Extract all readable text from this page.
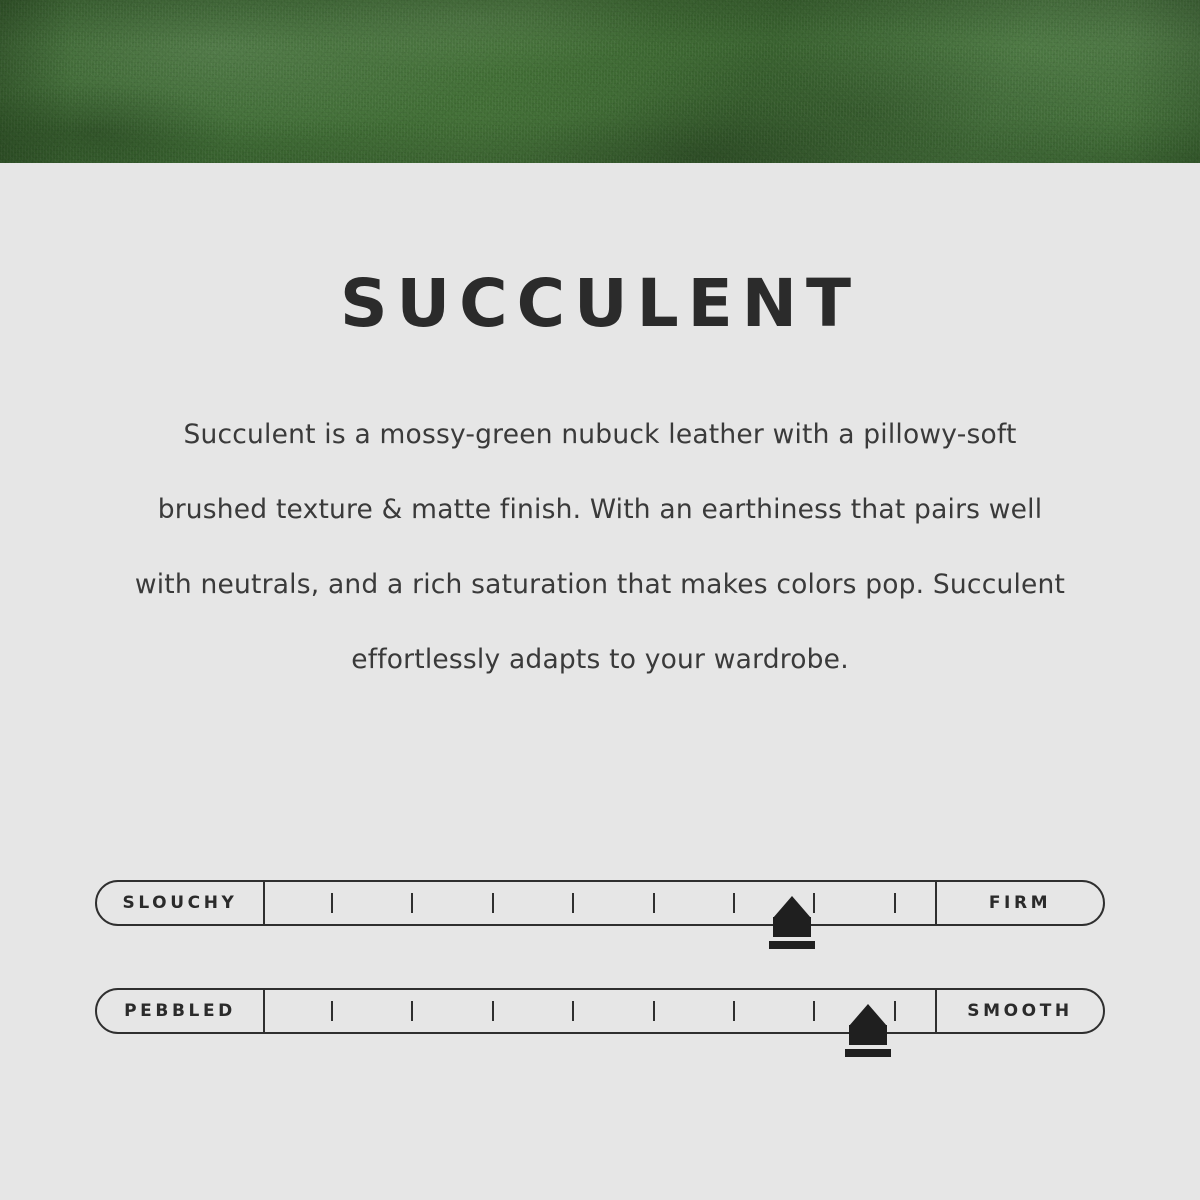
SUCCULENT

Succulent is a mossy-green nubuck leather with a pillowy-soft brushed texture & matte finish. With an earthiness that pairs well with neutrals, and a rich saturation that makes colors pop. Succulent effortlessly adapts to your wardrobe.

SLOUCHY	FIRM
PEBBLED	SMOOTH
